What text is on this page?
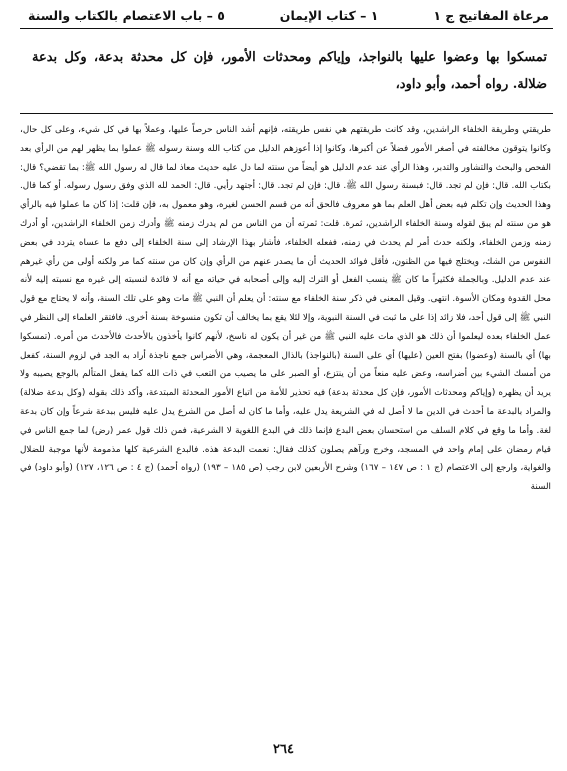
مرعاة المفاتيح ج ١
١ – كتاب الإيمان
٥ – باب الاعتصام بالكتاب والسنة
تمسكوا بها وعضوا عليها بالنواجذ، وإياكم ومحدثات الأمور، فإن كل محدثة بدعة، وكل بدعة ضلالة. رواه أحمد، وأبو داود،

طريقتي وطريقة الخلفاء الراشدين، وقد كانت طريقتهم هي نفس طريقته، فإنهم أشد الناس حرصاً عليها، وعملاً بها في كل شيء، وعلى كل حال، وكانوا يتوقون مخالفته في أصغر الأمور فضلاً عن أكبرها، وكانوا إذا أعوزهم الدليل من كتاب الله وسنة رسوله ﷺ عملوا بما يظهر لهم من الرأي بعد الفحص والبحث والتشاور والتدبر، وهذا الرأي عند عدم الدليل هو أيضاً من سنته لما دل عليه حديث معاذ لما قال له رسول الله ﷺ: بما تقضي؟ قال: بكتاب الله. قال: فإن لم تجد. قال: فبسنة رسول الله ﷺ. قال: فإن لم تجد. قال: أجتهد رأيي. قال: الحمد لله الذي وفق رسول رسوله. أو كما قال. وهذا الحديث وإن تكلم فيه بعض أهل العلم بما هو معروف فالحق أنه من قسم الحسن لغيره، وهو معمول به، فإن قلت: إذا كان ما عملوا فيه بالرأي هو من سنته لم يبق لقوله وسنة الخلفاء الراشدين، ثمرة. قلت: ثمرته أن من الناس من لم يدرك زمنه ﷺ وأدرك زمن الخلفاء الراشدين، أو أدرك زمنه وزمن الخلفاء، ولكنه حدث أمر لم يحدث في زمنه، ففعله الخلفاء، فأشار بهذا الإرشاد إلى سنة الخلفاء إلى دفع ما عساه يتردد في بعض النفوس من الشك، ويختلج فيها من الظنون، فأقل فوائد الحديث أن ما يصدر عنهم من الرأي وإن كان من سنته كما مر ولكنه أولى من رأي غيرهم عند عدم الدليل. وبالجملة فكثيراً ما كان ﷺ ينسب الفعل أو الترك إليه وإلى أصحابه في حياته مع أنه لا فائدة لنسبته إلى غيره مع نسبته إليه لأنه محل القدوة ومكان الأسوة. انتهى. وقيل المعنى في ذكر سنة الخلفاء مع سنته: أن يعلم أن النبي ﷺ مات وهو على تلك السنة، وأنه لا يحتاج مع قول النبي ﷺ إلى قول أحد، فلا زائد إذا على ما ثبت في السنة النبوية، وإلا لئلا يقع بما يخالف أن تكون منسوخة بسنة أخرى. فافتقر العلماء إلى النظر في عمل الخلفاء بعده ليعلموا أن ذلك هو الذي مات عليه النبي ﷺ من غير أن يكون له ناسخ، لأنهم كانوا يأخذون بالأحدث فالأحدث من أمره. (تمسكوا بها) أي بالسنة (وعضوا) بفتح العين (عليها) أي على السنة (بالنواجذ) بالذال المعجمة، وهي الأضراس جمع ناجذة أراد به الجد في لزوم السنة، كفعل من أمسك الشيء بين أضراسه، وعض عليه منعاً من أن ينتزع، أو الصبر على ما يصيب من التعب في ذات الله كما يفعل المتألم بالوجع يصيبه ولا يريد أن يظهره (وإياكم ومحدثات الأمور، فإن كل محدثة بدعة) فيه تحذير للأمة من اتباع الأمور المحدثة المبتدعة، وأكد ذلك بقوله (وكل بدعة ضلالة) والمراد بالبدعة ما أحدث في الدين ما لا أصل له في الشريعة يدل عليه، وأما ما كان له أصل من الشرع يدل عليه فليس ببدعة شرعاً وإن كان بدعة لغة. وأما ما وقع في كلام السلف من استحسان بعض البدع فإنما ذلك في البدع اللغوية لا الشرعية، فمن ذلك قول عمر (رض) لما جمع الناس في قيام رمضان على إمام واحد في المسجد، وخرج ورآهم يصلون كذلك فقال: نعمت البدعة هذه. فالبدع الشرعية كلها مذمومة لأنها موجبة للضلال والغواية، وارجع إلى الاعتصام (ج ١ : ص ١٤٧ – ١٦٧) وشرح الأربعين لابن رجب (ص ١٨٥ – ١٩٣) (رواه أحمد) (ج ٤ : ص ١٢٦، ١٢٧) (وأبو داود) في السنة

٢٦٤
